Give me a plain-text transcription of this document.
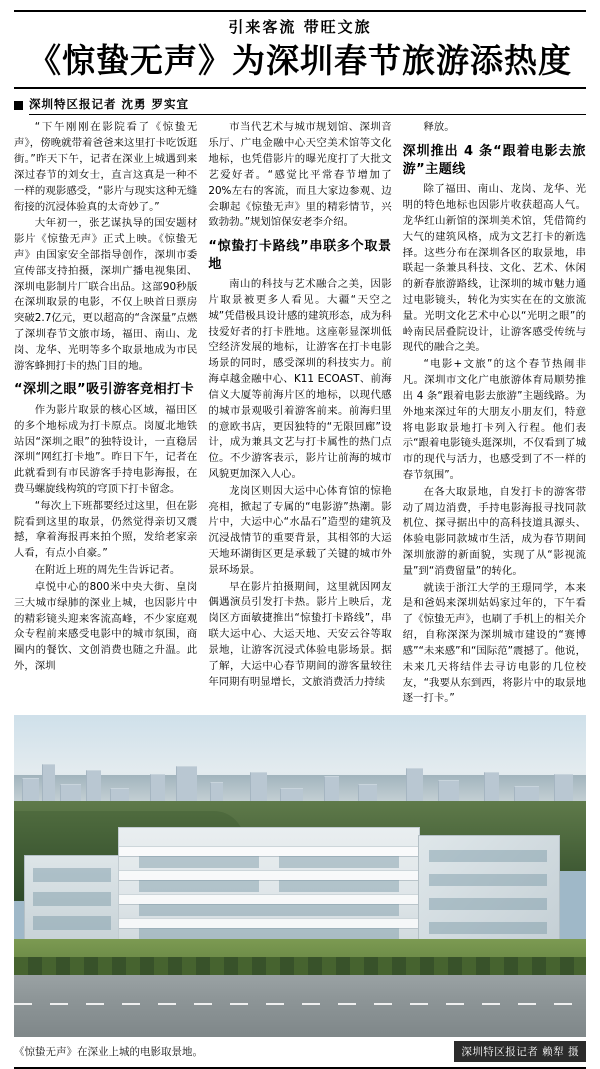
引来客流 带旺文旅
《惊蛰无声》为深圳春节旅游添热度
深圳特区报记者 沈勇 罗实宜

“下午刚刚在影院看了《惊蛰无声》，傍晚就带着爸爸来这里打卡吃饭逛街。”昨天下午，记者在深业上城遇到来深过春节的刘女士，直言这真是一种不一样的观影感受，“影片与现实这种无缝衔接的沉浸体验真的太奇妙了。”

大年初一，张艺谋执导的国安题材影片《惊蛰无声》正式上映。《惊蛰无声》由国家安全部指导创作，深圳市委宣传部支持拍摄，深圳广播电视集团、深圳电影制片厂联合出品。这部90秒版在深圳取景的电影，不仅上映首日票房突破2.7亿元，更以超高的“含深量”点燃了深圳春节文旅市场，福田、南山、龙岗、龙华、光明等多个取景地成为市民游客蜂拥打卡的热门目的地。

“深圳之眼”吸引游客竞相打卡

作为影片取景的核心区域，福田区的多个地标成为打卡原点。岗厦北地铁站因“深圳之眼”的独特设计，一直稳居深圳“网红打卡地”。昨日下午，记者在此就看到有市民游客手持电影海报，在费马螺旋线构筑的穹顶下打卡留念。

“每次上下班都要经过这里，但在影院看到这里的取景，仍然觉得亲切又震撼，拿着海报再来拍个照，发给老家亲人看，有点小自豪。”

在附近上班的周先生告诉记者。

卓悦中心的800米中央大街、皇岗三大城市绿肺的深业上城，也因影片中的精彩镜头迎来客流高峰，不少家庭观众专程前来感受电影中的城市氛围，商圈内的餐饮、文创消费也随之升温。此外，深圳

市当代艺术与城市规划馆、深圳音乐厅、广电金融中心天空美术馆等文化地标，也凭借影片的曝光度打了大批文艺爱好者。“感觉比平常春节增加了20%左右的客流，而且大家边参观、边会聊起《惊蛰无声》里的精彩情节，兴致勃勃。”规划馆保安老李介绍。

“惊蛰打卡路线”串联多个取景地

南山的科技与艺术融合之美，因影片取景被更多人看见。大疆“天空之城”凭借极具设计感的建筑形态，成为科技爱好者的打卡胜地。这座彰显深圳低空经济发展的地标，让游客在打卡电影场景的同时，感受深圳的科技实力。前海卓越金融中心、K11 ECOAST、前海信义大厦等前海片区的地标，以现代感的城市景观吸引着游客前来。前海归里的意欧书店，更因独特的“无限回廊”设计，成为兼具文艺与打卡属性的热门点位。不少游客表示，影片让前海的城市风貌更加深入人心。

龙岗区则因大运中心体育馆的惊艳亮相，掀起了专属的“电影游”热潮。影片中，大运中心“水晶石”造型的建筑及沉浸战情节的重要背景，其相邻的大运天地环湖街区更是承载了关键的城市外景环场景。

早在影片拍摄期间，这里就因网友偶遇演员引发打卡热。影片上映后，龙岗区方面敏捷推出“惊蛰打卡路线”，串联大运中心、大运天地、天安云谷等取景地，让游客沉浸式体验电影场景。据了解，大运中心春节期间的游客量较往年同期有明显增长，文旅消费活力持续

释放。

深圳推出 4 条“跟着电影去旅游”主题线

除了福田、南山、龙岗、龙华、光明的特色地标也因影片收获超高人气。龙华红山新馆的深圳美术馆，凭借简约大气的建筑风格，成为文艺打卡的新选择。这些分布在深圳各区的取景地，串联起一条兼具科技、文化、艺术、休闲的新春旅游路线，让深圳的城市魅力通过电影镜头，转化为实实在在的文旅流量。光明文化艺术中心以“光明之眼”的岭南民居叠院设计，让游客感受传统与现代的融合之美。

“电影+文旅”的这个春节热闹非凡。深圳市文化广电旅游体育局顺势推出 4 条“跟着电影去旅游”主题线路。为外地来深过年的大朋友小朋友们，特意将电影取景地打卡列入行程。他们表示“跟着电影镜头逛深圳，不仅看到了城市的现代与活力，也感受到了不一样的春节氛围”。

在各大取景地，自发打卡的游客带动了周边消费，手持电影海报寻找同款机位、探寻据出中的高科技道具源头、体验电影同款城市生活，成为春节期间深圳旅游的新面貌，实现了从“影视流量”到“消费留量”的转化。

就读于浙江大学的王璟同学，本来是和爸妈来深圳姑妈家过年的，下午看了《惊蛰无声》，也刷了手机上的相关介绍，自称深深为深圳城市建设的“赛博感”“未来感”和“国际范”震撼了。他说，未来几天将结伴去寻访电影的几位校友，“我要从东到西，将影片中的取景地逐一打卡。”

《惊蛰无声》在深业上城的电影取景地。	深圳特区报记者 赖犁 摄
